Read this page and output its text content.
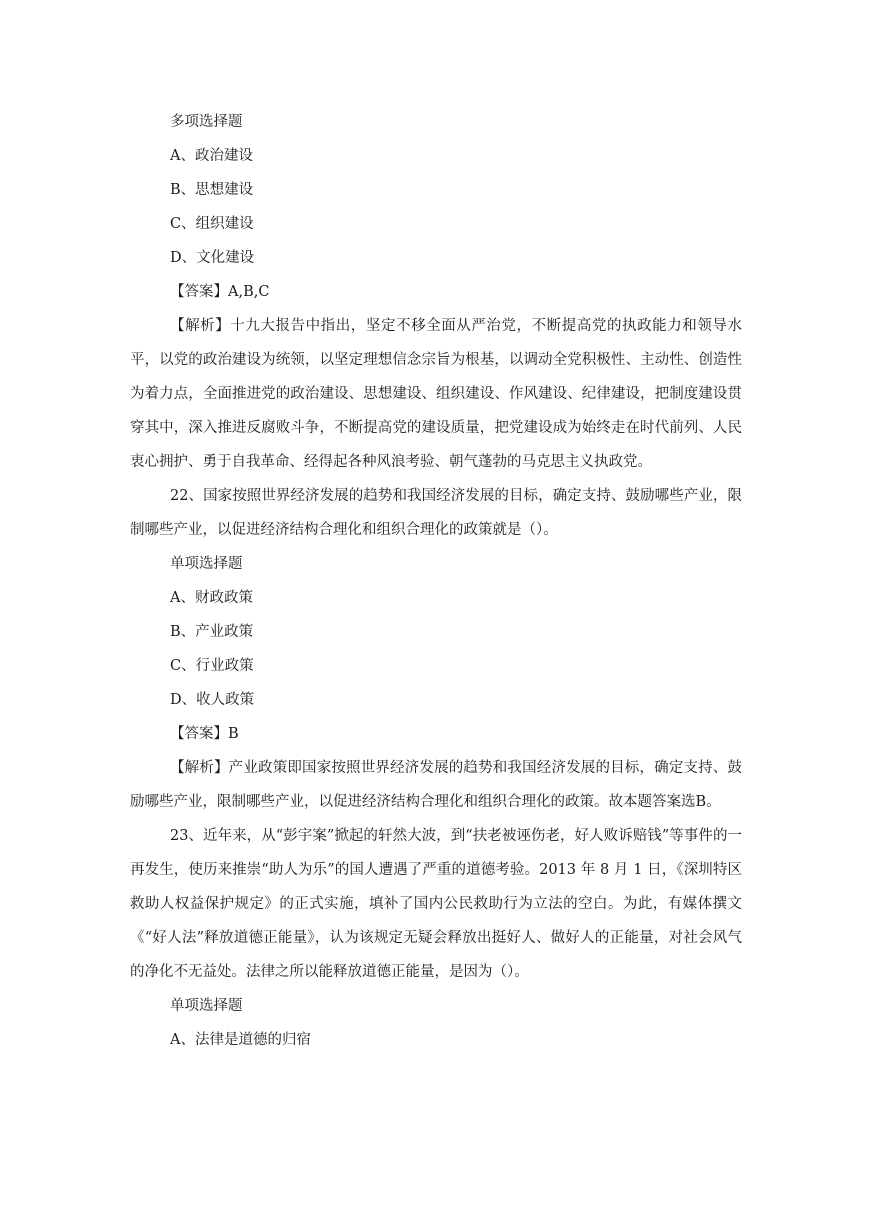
多项选择题

A、政治建设

B、思想建设

C、组织建设

D、文化建设

【答案】A,B,C

【解析】十九大报告中指出，坚定不移全面从严治党，不断提高党的执政能力和领导水平，以党的政治建设为统领，以坚定理想信念宗旨为根基，以调动全党积极性、主动性、创造性为着力点，全面推进党的政治建设、思想建设、组织建设、作风建设、纪律建设，把制度建设贯穿其中，深入推进反腐败斗争，不断提高党的建设质量，把党建设成为始终走在时代前列、人民衷心拥护、勇于自我革命、经得起各种风浪考验、朝气蓬勃的马克思主义执政党。

22、国家按照世界经济发展的趋势和我国经济发展的目标，确定支持、鼓励哪些产业，限制哪些产业，以促进经济结构合理化和组织合理化的政策就是（）。

单项选择题

A、财政政策

B、产业政策

C、行业政策

D、收人政策

【答案】B

【解析】产业政策即国家按照世界经济发展的趋势和我国经济发展的目标，确定支持、鼓励哪些产业，限制哪些产业，以促进经济结构合理化和组织合理化的政策。故本题答案选B。

23、近年来，从“彭宇案”掀起的轩然大波，到“扶老被诬伤老，好人败诉赔钱”等事件的一再发生，使历来推崇“助人为乐”的国人遭遇了严重的道德考验。2013 年 8 月 1 日，《深圳特区救助人权益保护规定》的正式实施，填补了国内公民救助行为立法的空白。为此，有媒体撰文《“好人法”释放道德正能量》，认为该规定无疑会释放出挺好人、做好人的正能量，对社会风气的净化不无益处。法律之所以能释放道德正能量，是因为（）。

单项选择题

A、法律是道德的归宿
